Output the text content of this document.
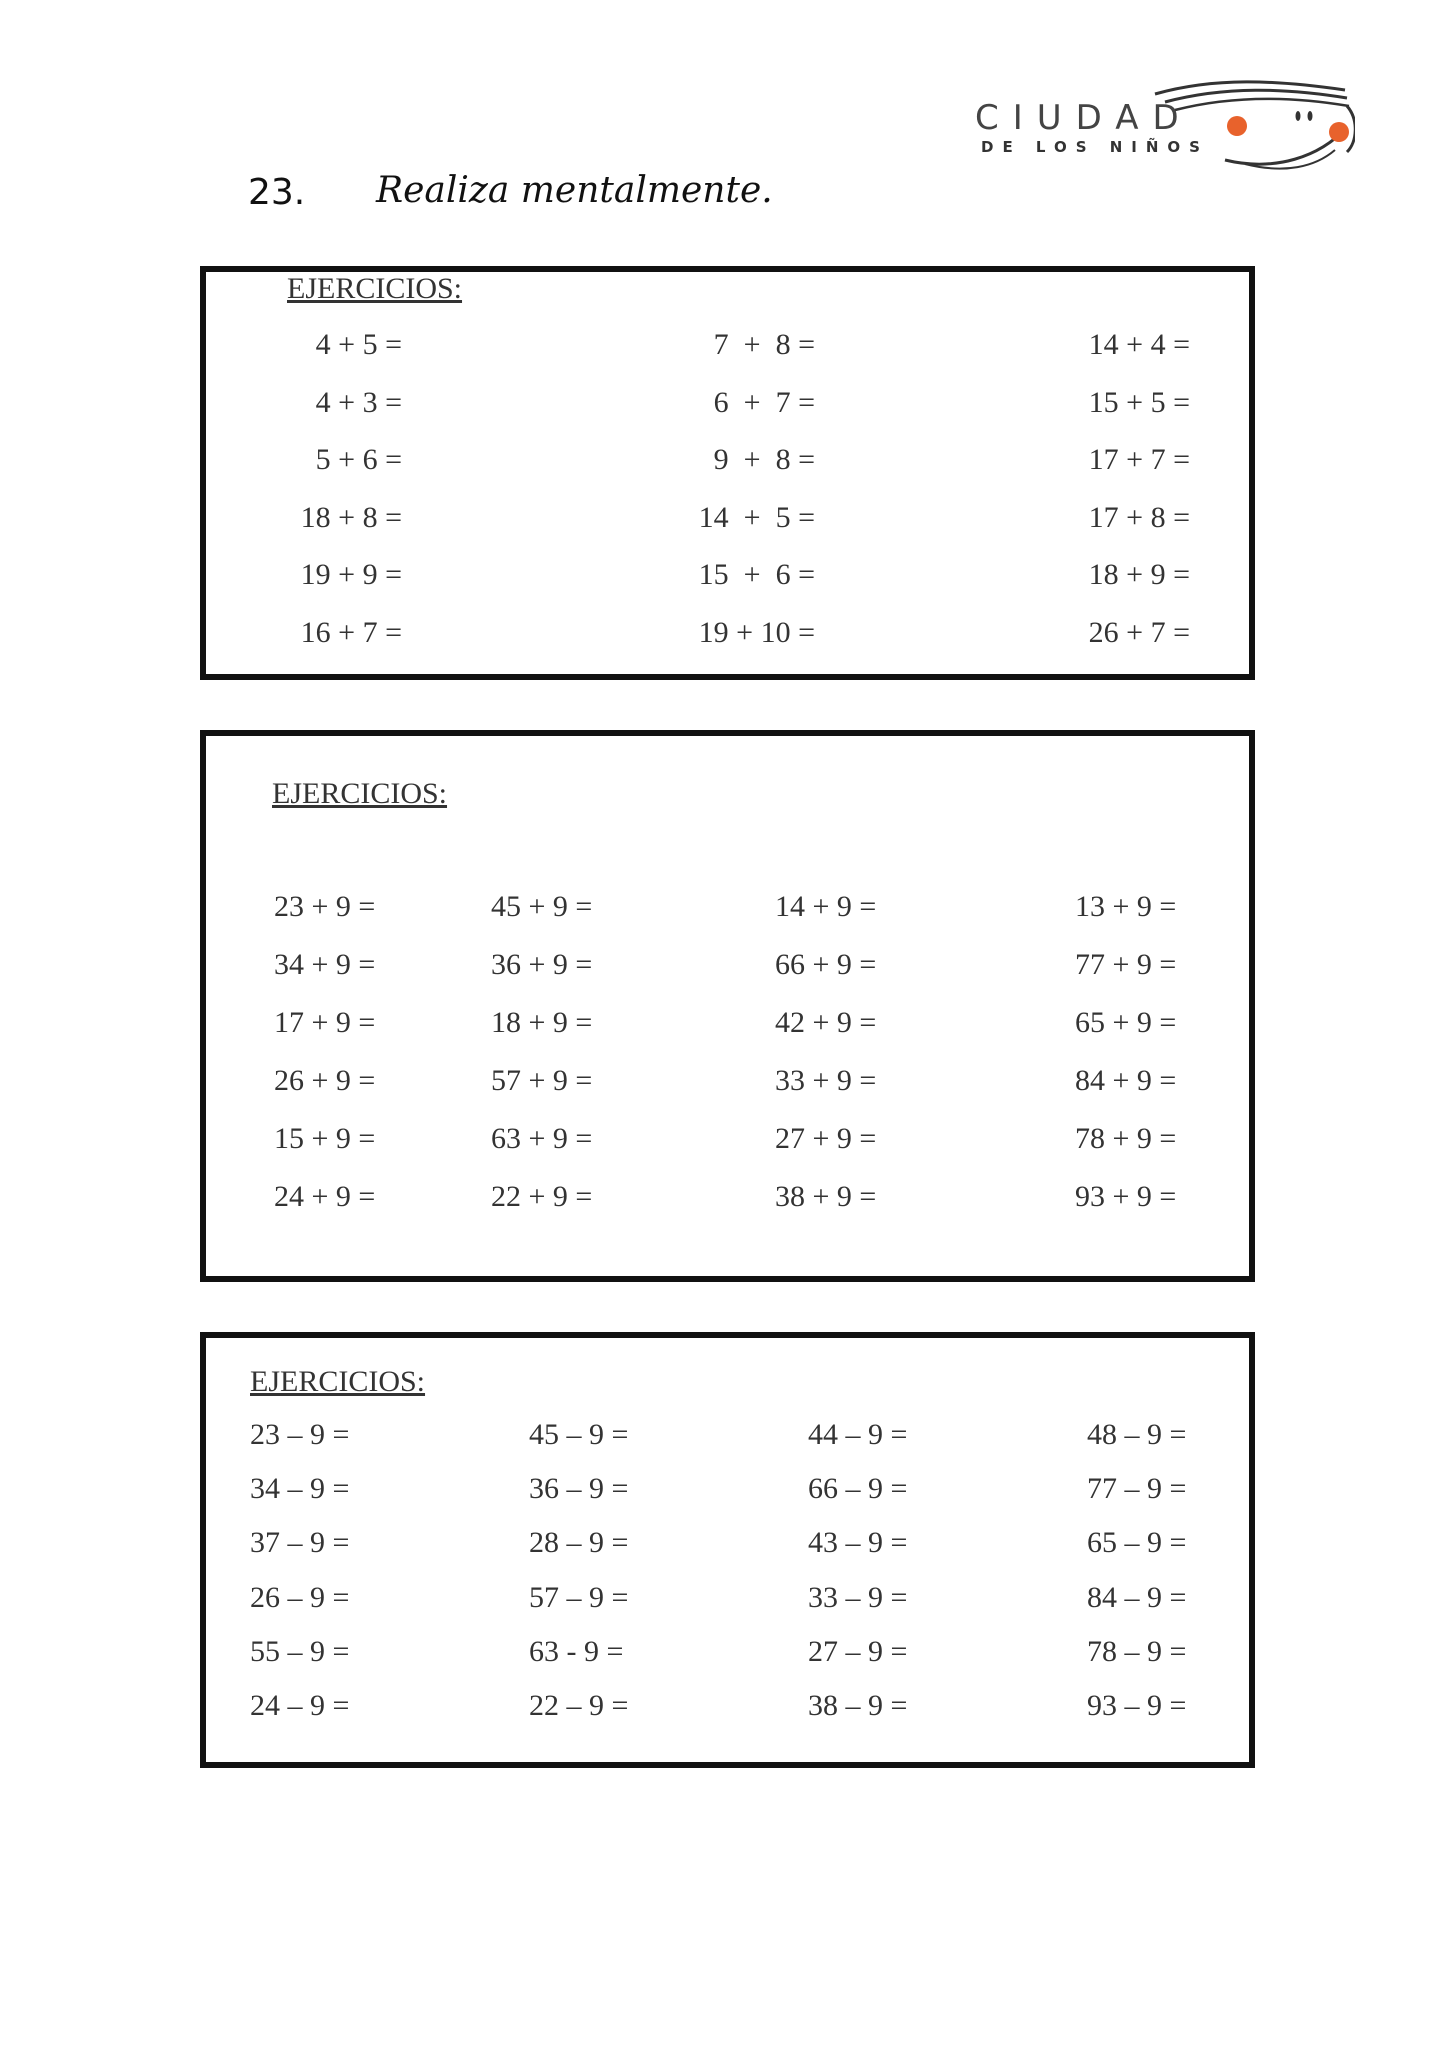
CIUDAD
DE LOS NIÑOS
23. Realiza mentalmente.
EJERCICIOS:
4 + 5 =
4 + 3 =
5 + 6 =
18 + 8 =
19 + 9 =
16 + 7 =
7  +  8 =
6  +  7 =
9  +  8 =
14  +  5 =
15  +  6 =
19 + 10 =
14 + 4 =
15 + 5 =
17 + 7 =
17 + 8 =
18 + 9 =
26 + 7 =
EJERCICIOS:
23 + 9 =
34 + 9 =
17 + 9 =
26 + 9 =
15 + 9 =
24 + 9 =
45 + 9 =
36 + 9 =
18 + 9 =
57 + 9 =
63 + 9 =
22 + 9 =
14 + 9 =
66 + 9 =
42 + 9 =
33 + 9 =
27 + 9 =
38 + 9 =
13 + 9 =
77 + 9 =
65 + 9 =
84 + 9 =
78 + 9 =
93 + 9 =
EJERCICIOS:
23 – 9 =
34 – 9 =
37 – 9 =
26 – 9 =
55 – 9 =
24 – 9 =
45 – 9 =
36 – 9 =
28 – 9 =
57 – 9 =
63 - 9 =
22 – 9 =
44 – 9 =
66 – 9 =
43 – 9 =
33 – 9 =
27 – 9 =
38 – 9 =
48 – 9 =
77 – 9 =
65 – 9 =
84 – 9 =
78 – 9 =
93 – 9 =
